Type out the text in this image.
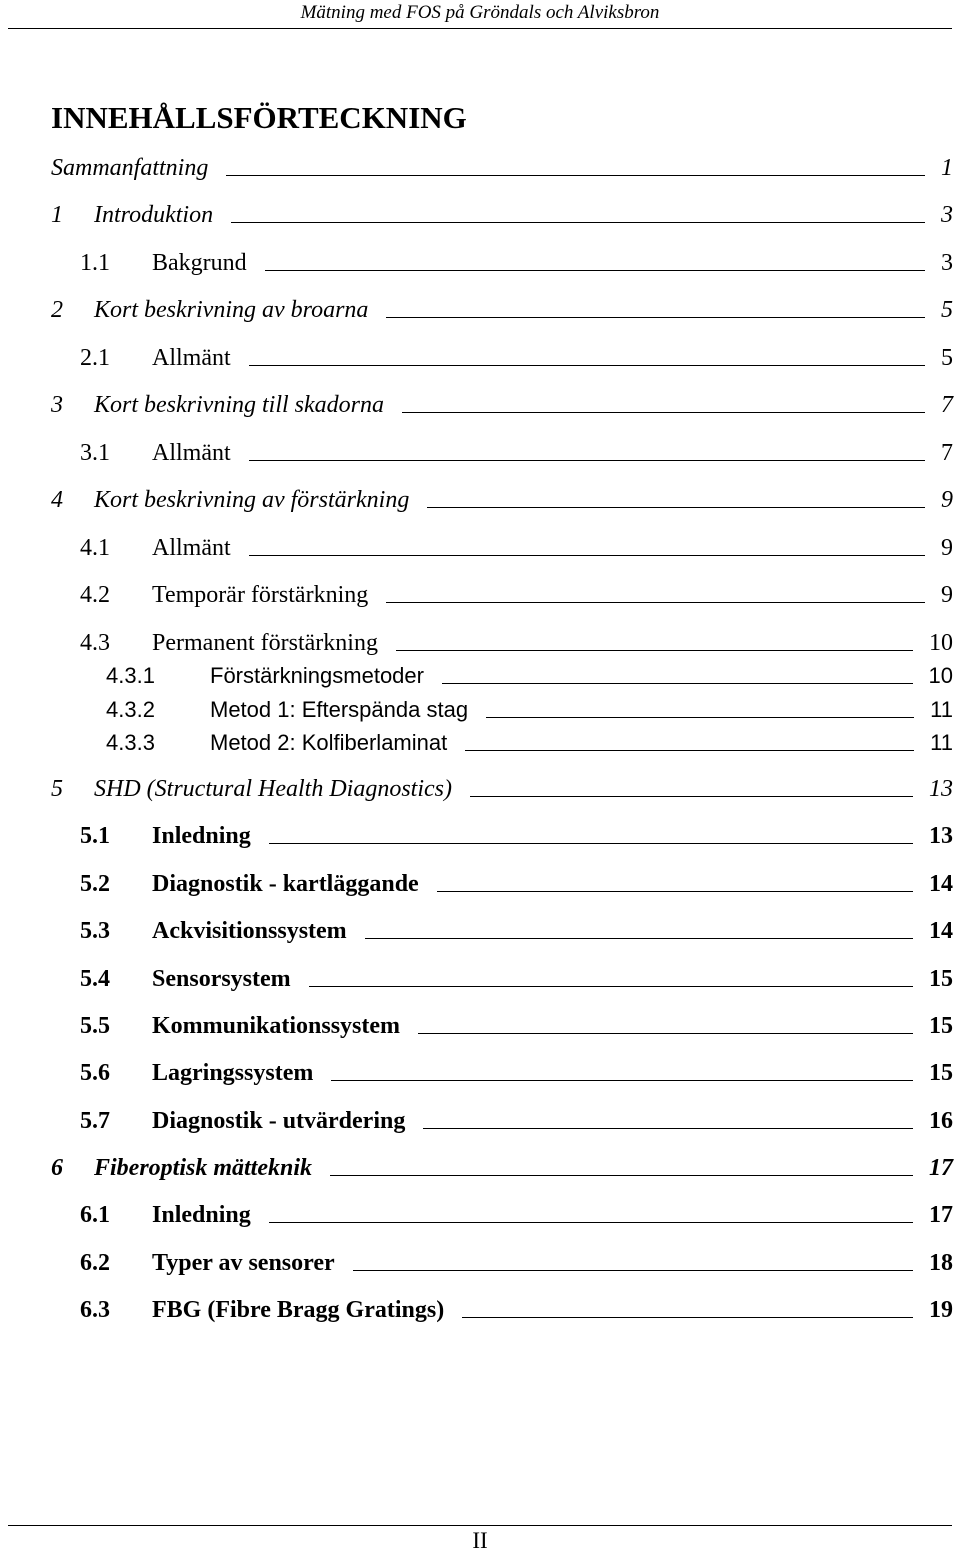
Mätning med FOS på Gröndals och Alviksbron
INNEHÅLLSFÖRTECKNING
Sammanfattning	1
1 Introduktion	3
1.1 Bakgrund	3
2 Kort beskrivning av broarna	5
2.1 Allmänt	5
3 Kort beskrivning till skadorna	7
3.1 Allmänt	7
4 Kort beskrivning av förstärkning	9
4.1 Allmänt	9
4.2 Temporär förstärkning	9
4.3 Permanent förstärkning	10
4.3.1	Förstärkningsmetoder	10
4.3.2	Metod 1: Efterspända stag	11
4.3.3	Metod 2: Kolfiberlaminat	11
5 SHD (Structural Health Diagnostics)	13
5.1 Inledning	13
5.2 Diagnostik - kartläggande	14
5.3 Ackvisitionssystem	14
5.4 Sensorsystem	15
5.5 Kommunikationssystem	15
5.6 Lagringssystem	15
5.7 Diagnostik - utvärdering	16
6 Fiberoptisk mätteknik	17
6.1 Inledning	17
6.2 Typer av sensorer	18
6.3 FBG (Fibre Bragg Gratings)	19
II
